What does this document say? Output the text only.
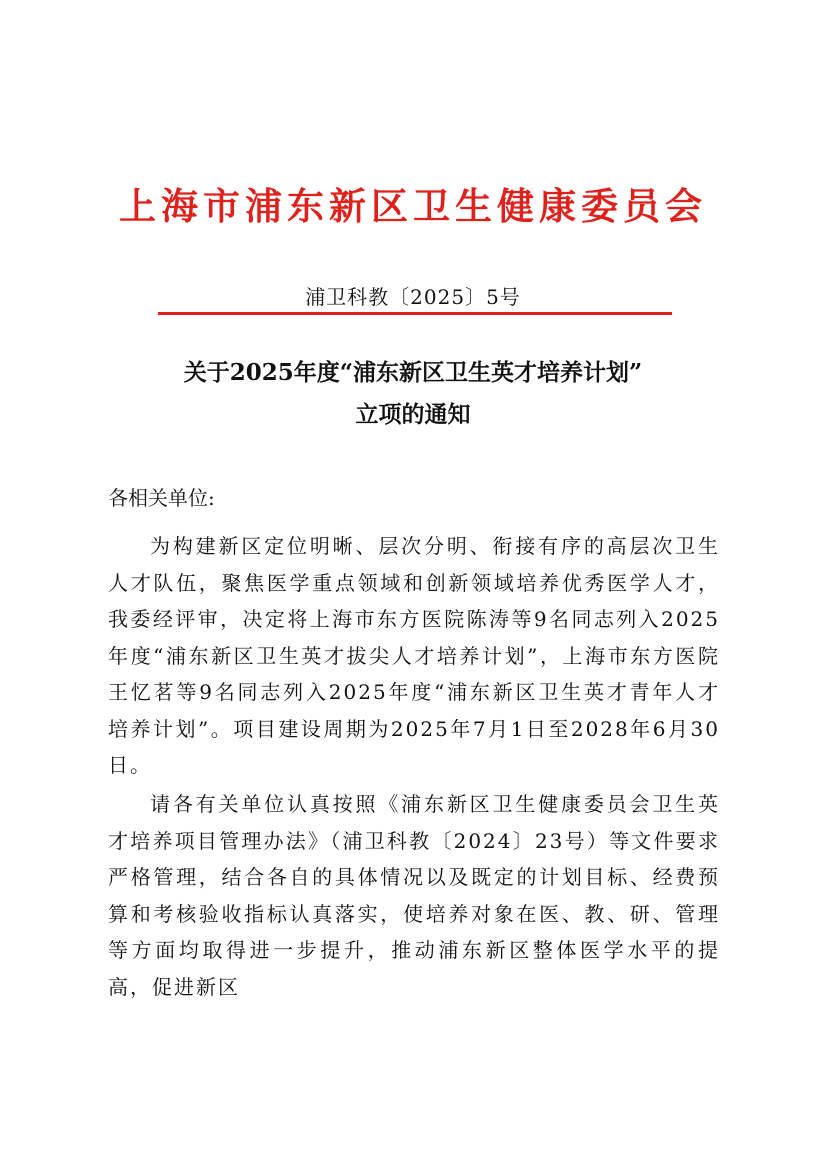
上海市浦东新区卫生健康委员会
浦卫科教〔2025〕5号
关于2025年度“浦东新区卫生英才培养计划”
立项的通知
各相关单位:

为构建新区定位明晰、层次分明、衔接有序的高层次卫生人才队伍，聚焦医学重点领域和创新领域培养优秀医学人才，我委经评审，决定将上海市东方医院陈涛等9名同志列入2025年度“浦东新区卫生英才拔尖人才培养计划”，上海市东方医院王忆茗等9名同志列入2025年度“浦东新区卫生英才青年人才培养计划”。项目建设周期为2025年7月1日至2028年6月30日。

请各有关单位认真按照《浦东新区卫生健康委员会卫生英才培养项目管理办法》（浦卫科教〔2024〕23号）等文件要求严格管理，结合各自的具体情况以及既定的计划目标、经费预算和考核验收指标认真落实，使培养对象在医、教、研、管理等方面均取得进一步提升，推动浦东新区整体医学水平的提高，促进新区
